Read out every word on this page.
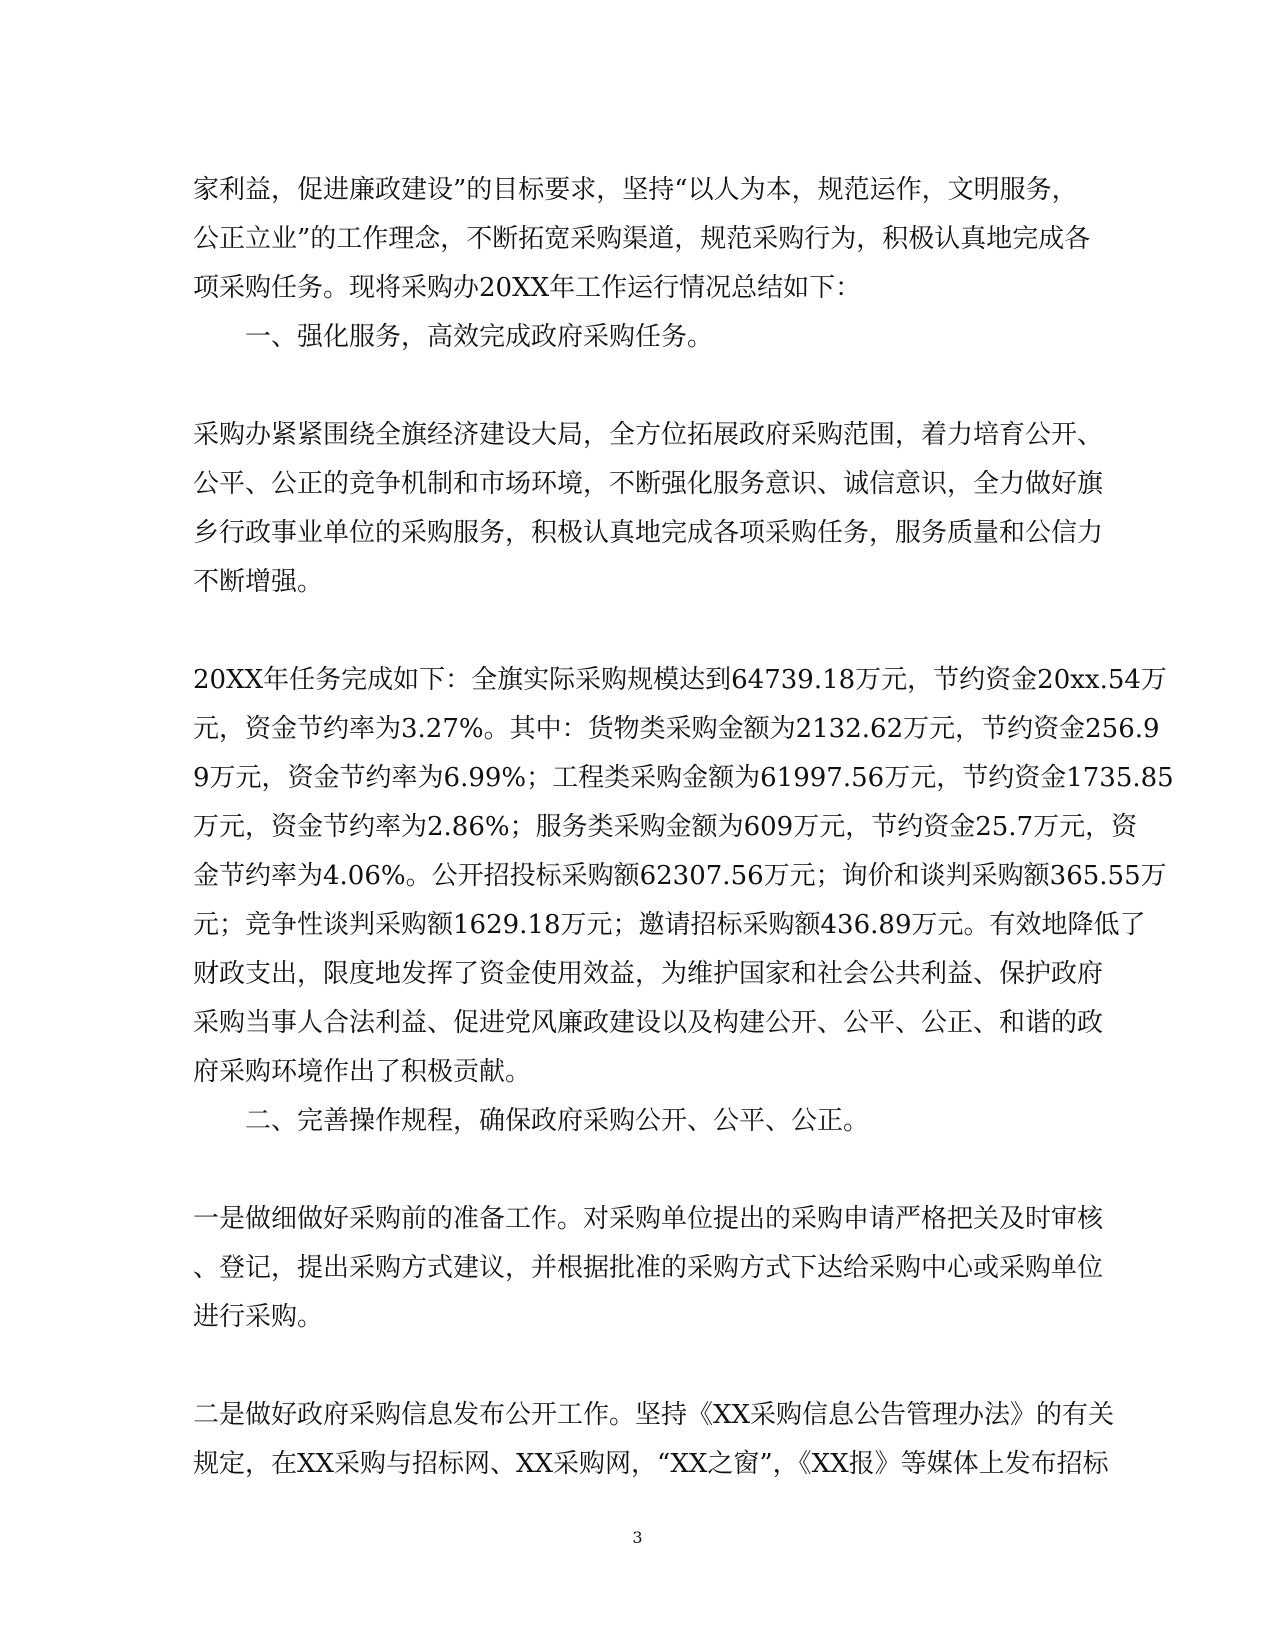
家利益，促进廉政建设”的目标要求，坚持“以人为本，规范运作，文明服务，
公正立业”的工作理念，不断拓宽采购渠道，规范采购行为，积极认真地完成各
项采购任务。现将采购办20XX年工作运行情况总结如下：
一、强化服务，高效完成政府采购任务。
采购办紧紧围绕全旗经济建设大局，全方位拓展政府采购范围，着力培育公开、
公平、公正的竞争机制和市场环境，不断强化服务意识、诚信意识，全力做好旗
乡行政事业单位的采购服务，积极认真地完成各项采购任务，服务质量和公信力
不断增强。
20XX年任务完成如下：全旗实际采购规模达到64739.18万元，节约资金20xx.54万
元，资金节约率为3.27%。其中：货物类采购金额为2132.62万元，节约资金256.9
9万元，资金节约率为6.99%；工程类采购金额为61997.56万元，节约资金1735.85
万元，资金节约率为2.86%；服务类采购金额为609万元，节约资金25.7万元，资
金节约率为4.06%。公开招投标采购额62307.56万元；询价和谈判采购额365.55万
元；竞争性谈判采购额1629.18万元；邀请招标采购额436.89万元。有效地降低了
财政支出，限度地发挥了资金使用效益，为维护国家和社会公共利益、保护政府
采购当事人合法利益、促进党风廉政建设以及构建公开、公平、公正、和谐的政
府采购环境作出了积极贡献。
二、完善操作规程，确保政府采购公开、公平、公正。
一是做细做好采购前的准备工作。对采购单位提出的采购申请严格把关及时审核
、登记，提出采购方式建议，并根据批准的采购方式下达给采购中心或采购单位
进行采购。
二是做好政府采购信息发布公开工作。坚持《XX采购信息公告管理办法》的有关
规定，在XX采购与招标网、XX采购网，“XX之窗”，《XX报》等媒体上发布招标
3
